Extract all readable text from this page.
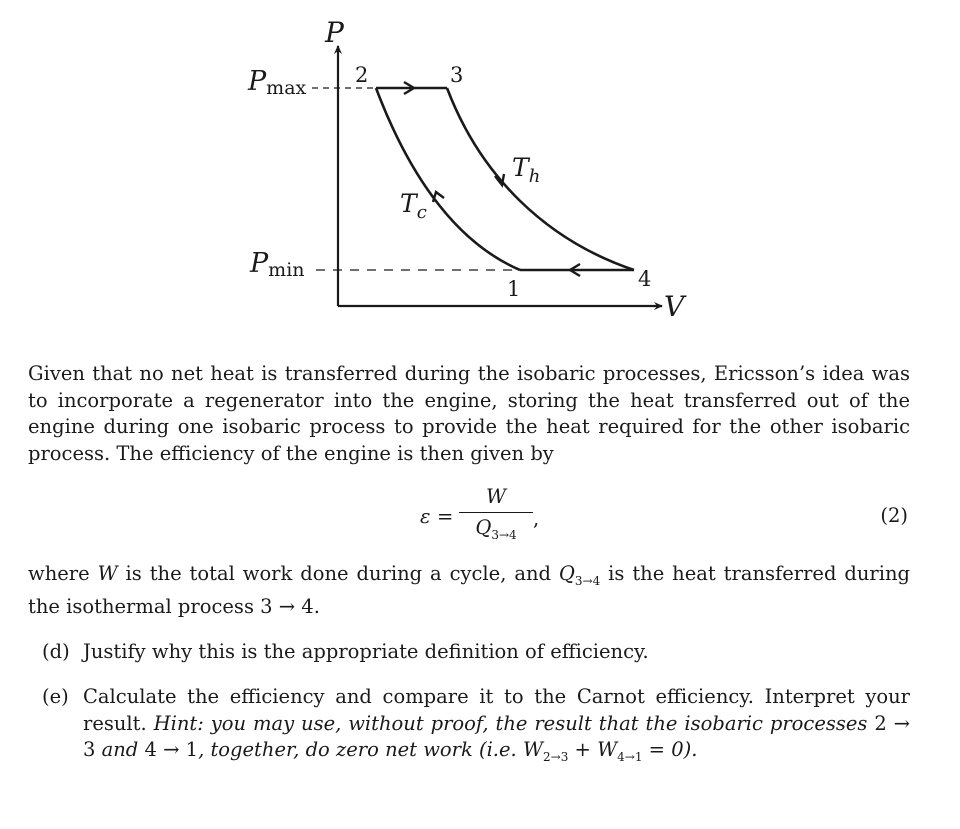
P
V
Pmax
Pmin
2	3
1	4
$T_h$
$T_c$

Given that no net heat is transferred during the isobaric processes, Ericsson’s idea was to incorporate a regenerator into the engine, storing the heat transferred out of the engine during one isobaric process to provide the heat required for the other isobaric process. The efficiency of the engine is then given by

ε =
W
$Q_{3\to 4}$
,	(2)

where W is the total work done during a cycle, and $Q_{3\to 4}$ is the heat transferred during the isothermal process 3 → 4.

(d) Justify why this is the appropriate definition of efficiency.
(e) Calculate the efficiency and compare it to the Carnot efficiency. Interpret your result. Hint: you may use, without proof, the result that the isobaric processes 2 → 3 and 4 → 1, together, do zero net work (i.e. $W_{2\to 3} + W_{4\to 1} = 0$).
